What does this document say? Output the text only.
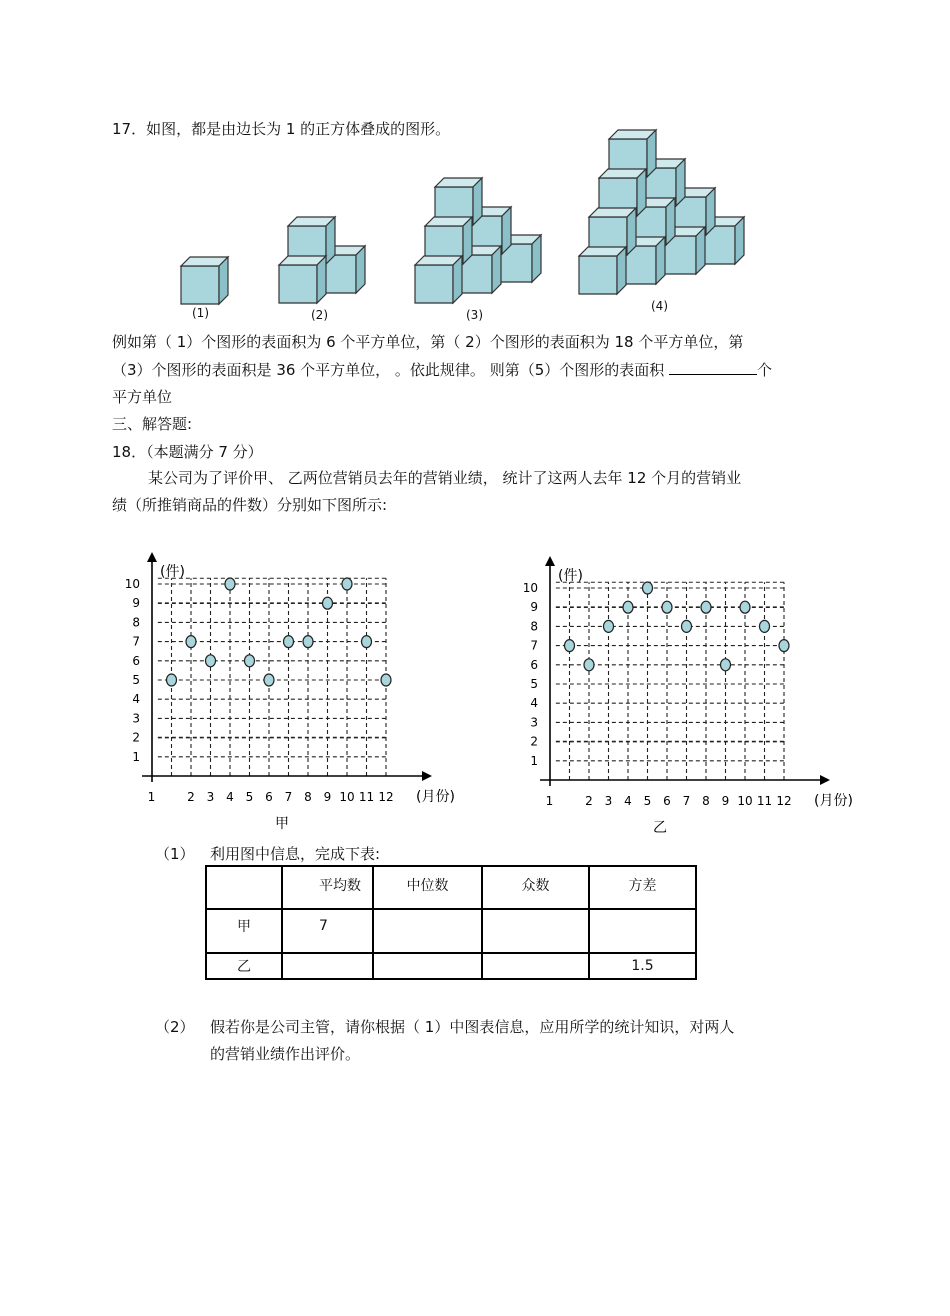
17．如图，都是由边长为 1 的正方体叠成的图形。
(1)	(2)	(3)
(4)
例如第（ 1）个图形的表面积为 6 个平方单位，第（ 2）个图形的表面积为 18 个平方单位，第
（3）个图形的表面积是 36 个平方单位， 。依此规律。 则第（5）个图形的表面积	个
平方单位
三、解答题:
18．（本题满分 7 分）
某公司为了评价甲、 乙两位营销员去年的营销业绩， 统计了这两人去年 12 个月的营销业
绩（所推销商品的件数）分别如下图所示:
1	2 3 4 5 6 7 8 9 10 11 12
1
2
3
4
5
6
7
8
9
10
(件)
(月份)
甲
1	2 3 4 5 6 7 8 9 10 11 12
1
2
3
4
5
6
7
8
9
10
(件)
(月份)
乙
（1） 利用图中信息，完成下表:
	平均数	中位数	众数	方差
甲	7			
乙				1.5
（2） 假若你是公司主管，请你根据（ 1）中图表信息，应用所学的统计知识，对两人
的营销业绩作出评价。
